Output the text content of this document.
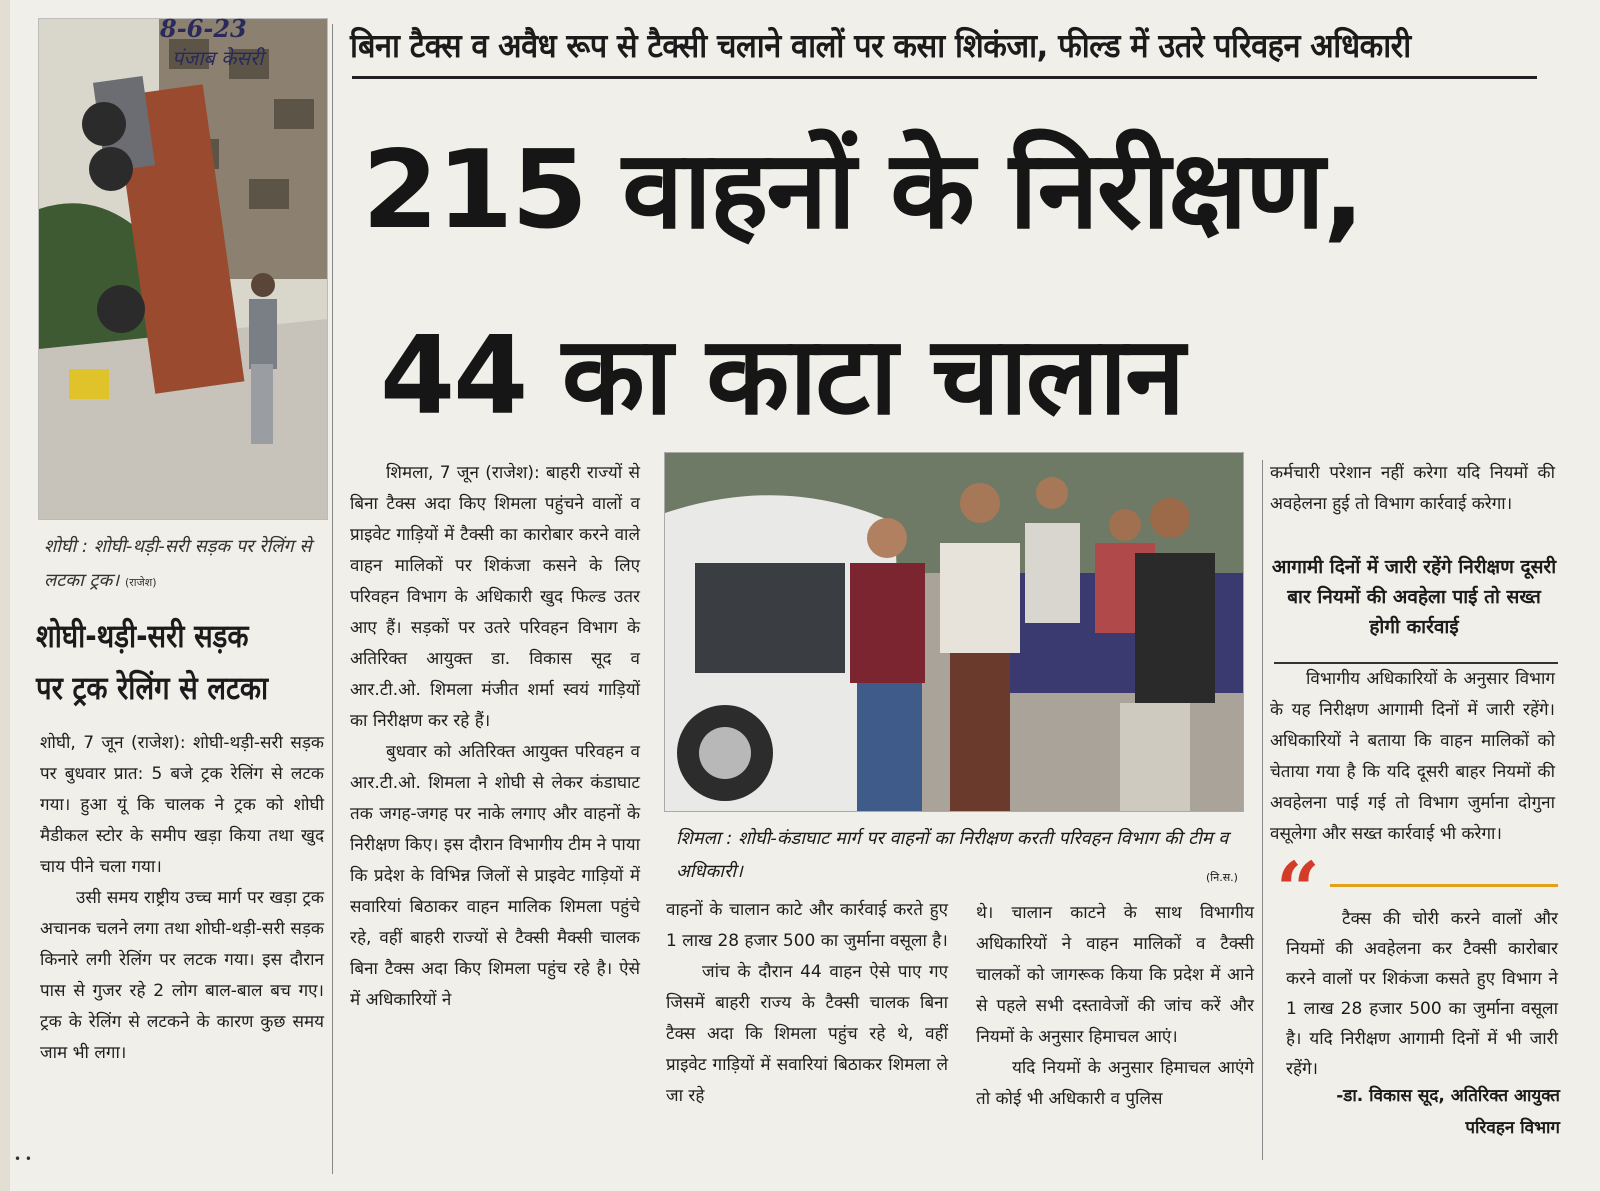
8-6-23
पंजाब केसरी
शोघी : शोघी-थड़ी-सरी सड़क पर रेलिंग से लटका ट्रक। (राजेश)
शोघी-थड़ी-सरी सड़क पर ट्रक रेलिंग से लटका

शोघी, 7 जून (राजेश): शोघी-थड़ी-सरी सड़क पर बुधवार प्रात: 5 बजे ट्रक रेलिंग से लटक गया। हुआ यूं कि चालक ने ट्रक को शोघी मैडीकल स्टोर के समीप खड़ा किया तथा खुद चाय पीने चला गया।

उसी समय राष्ट्रीय उच्च मार्ग पर खड़ा ट्रक अचानक चलने लगा तथा शोघी-थड़ी-सरी सड़क किनारे लगी रेलिंग पर लटक गया। इस दौरान पास से गुजर रहे 2 लोग बाल-बाल बच गए। ट्रक के रेलिंग से लटकने के कारण कुछ समय जाम भी लगा।

• •
बिना टैक्स व अवैध रूप से टैक्सी चलाने वालों पर कसा शिकंजा, फील्ड में उतरे परिवहन अधिकारी
215 वाहनों के निरीक्षण,
44 का काटा चालान

शिमला, 7 जून (राजेश): बाहरी राज्यों से बिना टैक्स अदा किए शिमला पहुंचने वालों व प्राइवेट गाड़ियों में टैक्सी का कारोबार करने वाले वाहन मालिकों पर शिकंजा कसने के लिए परिवहन विभाग के अधिकारी खुद फिल्ड उतर आए हैं। सड़कों पर उतरे परिवहन विभाग के अतिरिक्त आयुक्त डा. विकास सूद व आर.टी.ओ. शिमला मंजीत शर्मा स्वयं गाड़ियों का निरीक्षण कर रहे हैं।

बुधवार को अतिरिक्त आयुक्त परिवहन व आर.टी.ओ. शिमला ने शोघी से लेकर कंडाघाट तक जगह-जगह पर नाके लगाए और वाहनों के निरीक्षण किए। इस दौरान विभागीय टीम ने पाया कि प्रदेश के विभिन्न जिलों से प्राइवेट गाड़ियों में सवारियां बिठाकर वाहन मालिक शिमला पहुंचे रहे, वहीं बाहरी राज्यों से टैक्सी मैक्सी चालक बिना टैक्स अदा किए शिमला पहुंच रहे है। ऐसे में अधिकारियों ने

शिमला : शोघी-कंडाघाट मार्ग पर वाहनों का निरीक्षण करती परिवहन विभाग की टीम व अधिकारी।	(नि.स.)

वाहनों के चालान काटे और कार्रवाई करते हुए 1 लाख 28 हजार 500 का जुर्माना वसूला है।

जांच के दौरान 44 वाहन ऐसे पाए गए जिसमें बाहरी राज्य के टैक्सी चालक बिना टैक्स अदा कि शिमला पहुंच रहे थे, वहीं प्राइवेट गाड़ियों में सवारियां बिठाकर शिमला ले जा रहे

थे। चालान काटने के साथ विभागीय अधिकारियों ने वाहन मालिकों व टैक्सी चालकों को जागरूक किया कि प्रदेश में आने से पहले सभी दस्तावेजों की जांच करें और नियमों के अनुसार हिमाचल आएं।

यदि नियमों के अनुसार हिमाचल आएंगे तो कोई भी अधिकारी व पुलिस

कर्मचारी परेशान नहीं करेगा यदि नियमों की अवहेलना हुई तो विभाग कार्रवाई करेगा।

आगामी दिनों में जारी रहेंगे निरीक्षण दूसरी बार नियमों की अवहेला पाई तो सख्त होगी कार्रवाई

विभागीय अधिकारियों के अनुसार विभाग के यह निरीक्षण आगामी दिनों में जारी रहेंगे। अधिकारियों ने बताया कि वाहन मालिकों को चेताया गया है कि यदि दूसरी बाहर नियमों की अवहेलना पाई गई तो विभाग जुर्माना दोगुना वसूलेगा और सख्त कार्रवाई भी करेगा।

“	टैक्स की चोरी करने वालों और नियमों की अवहेलना कर टैक्सी कारोबार करने वालों पर शिकंजा कसते हुए विभाग ने 1 लाख 28 हजार 500 का जुर्माना वसूला है। यदि निरीक्षण आगामी दिनों में भी जारी रहेंगे।

-डा. विकास सूद, अतिरिक्त आयुक्त परिवहन विभाग
